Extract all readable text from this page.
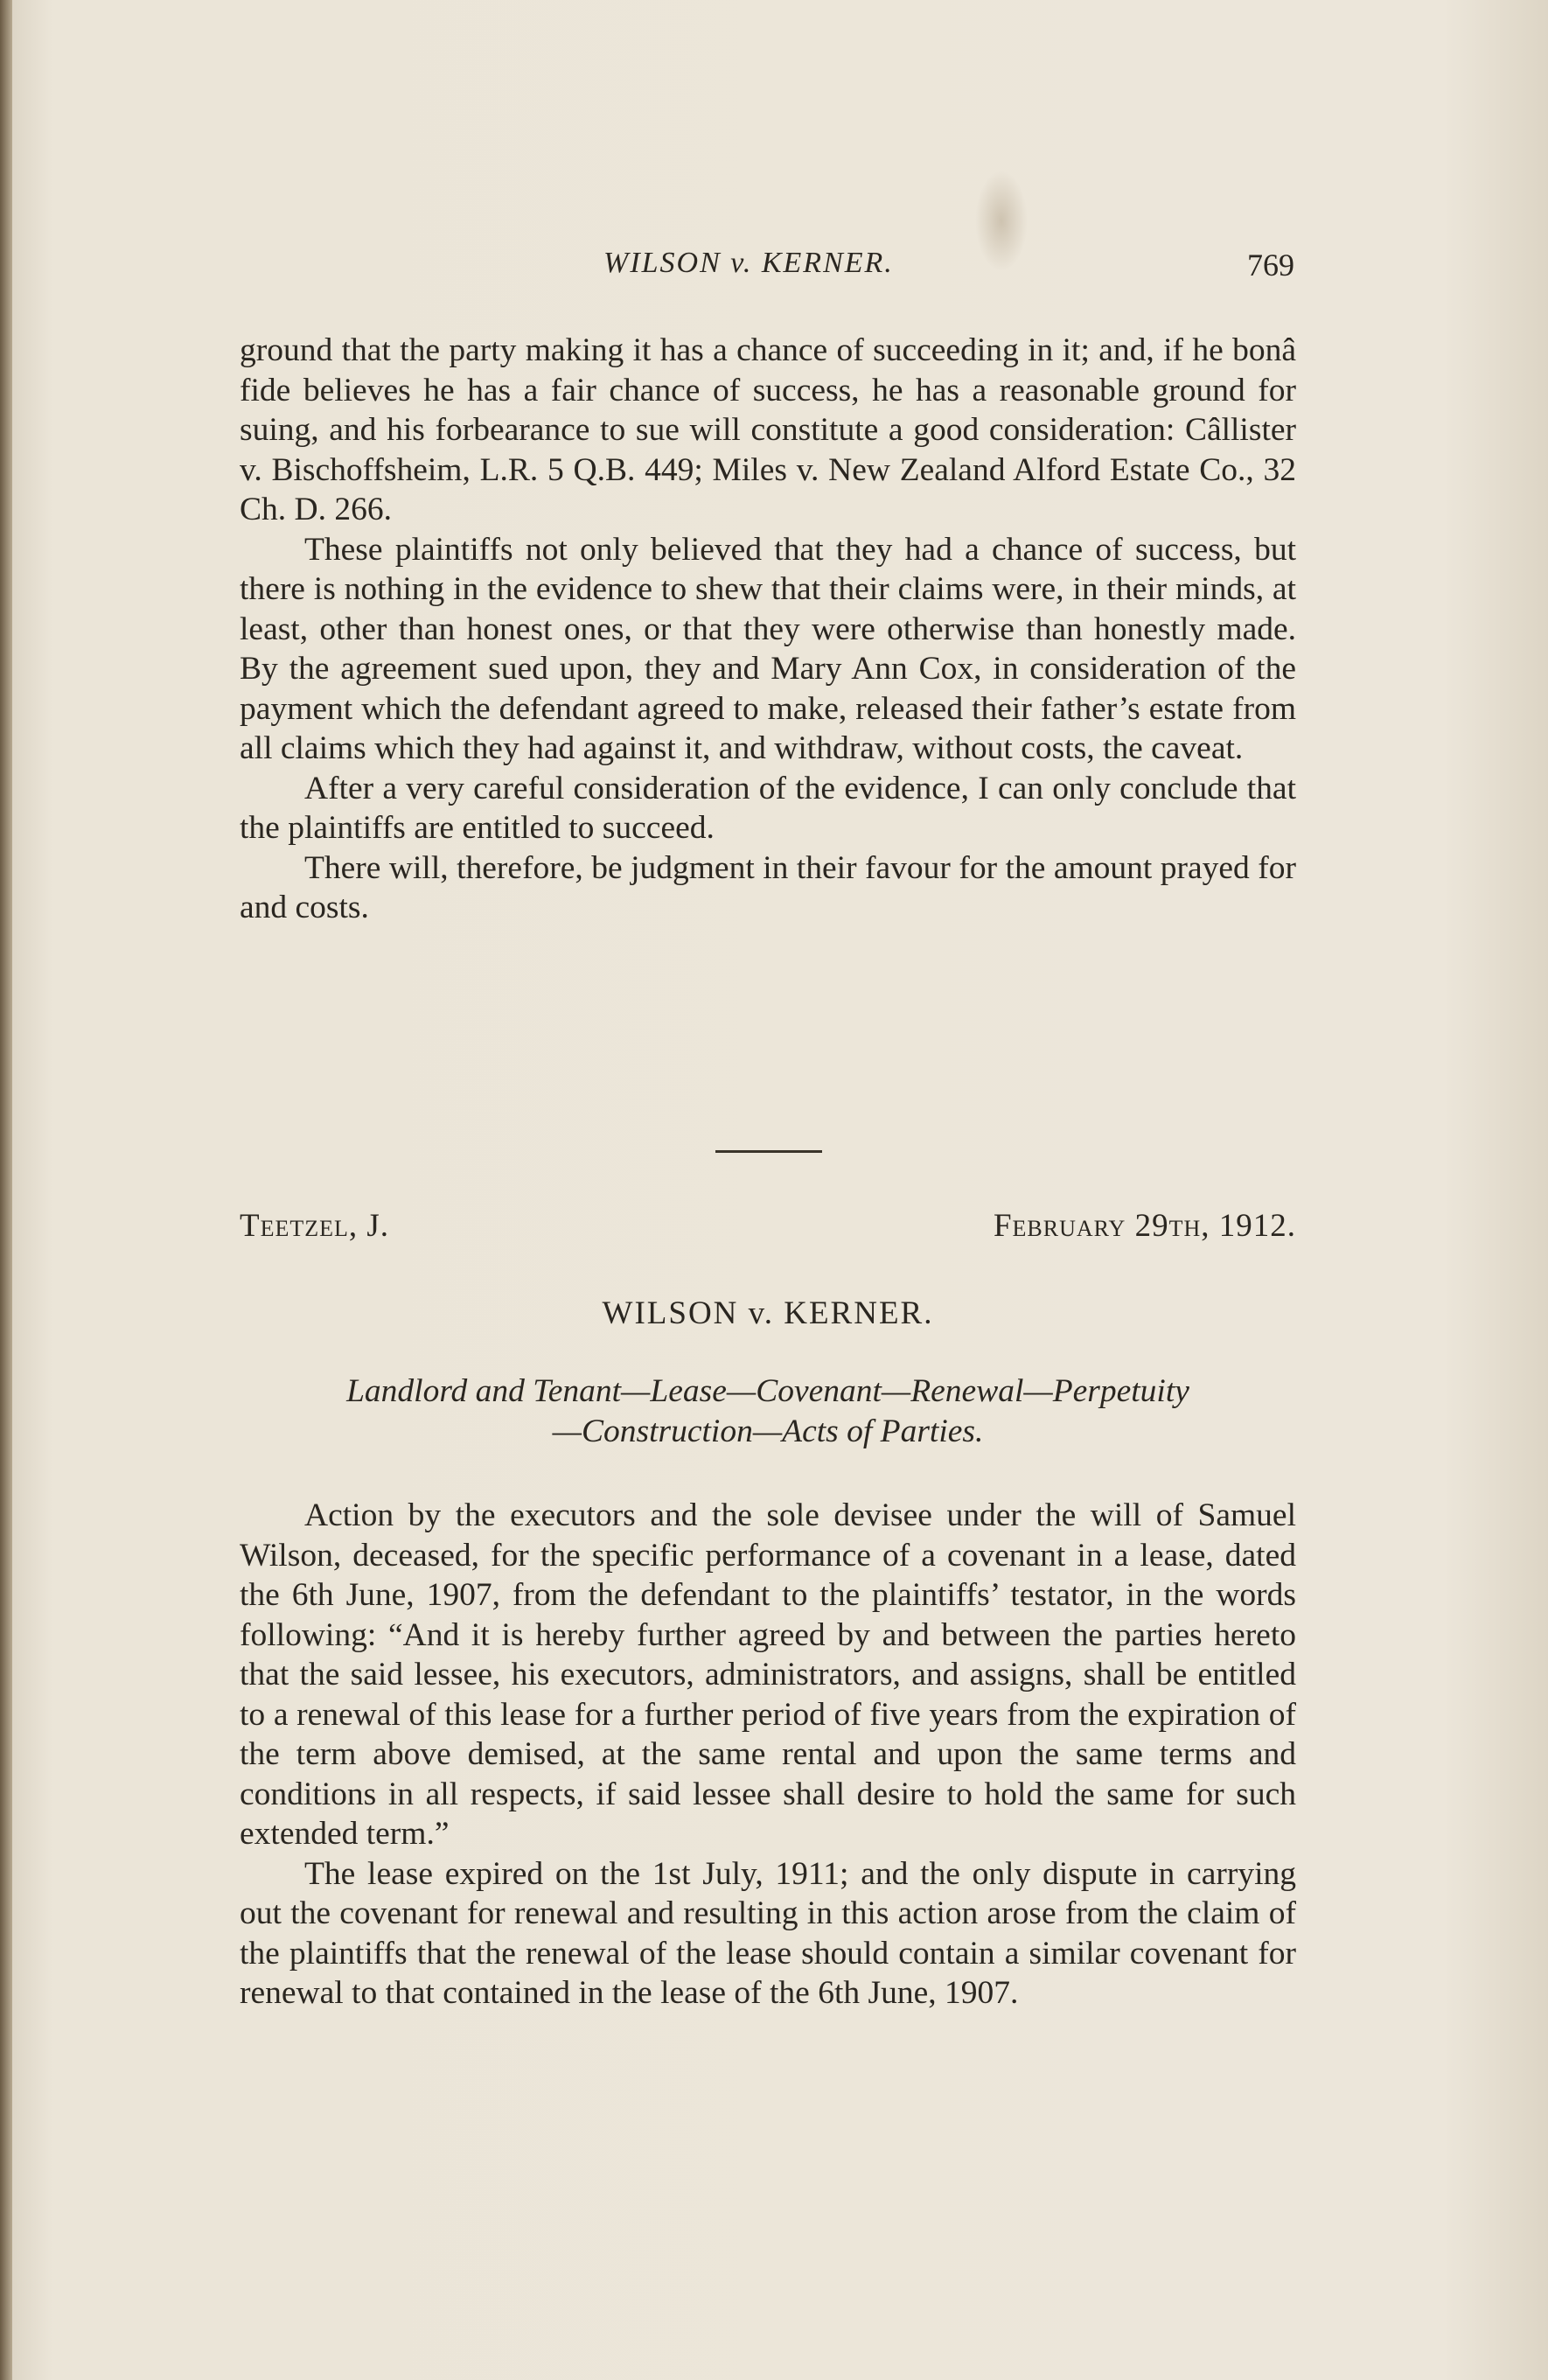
WILSON v. KERNER.	769

ground that the party making it has a chance of succeeding in it; and, if he bonâ fide believes he has a fair chance of success, he has a reasonable ground for suing, and his forbearance to sue will constitute a good consideration: Câllister v. Bischoffsheim, L.R. 5 Q.B. 449; Miles v. New Zealand Alford Estate Co., 32 Ch. D. 266.

These plaintiffs not only believed that they had a chance of success, but there is nothing in the evidence to shew that their claims were, in their minds, at least, other than honest ones, or that they were otherwise than honestly made. By the agreement sued upon, they and Mary Ann Cox, in consideration of the payment which the defendant agreed to make, released their father’s estate from all claims which they had against it, and withdraw, without costs, the caveat.

After a very careful consideration of the evidence, I can only conclude that the plaintiffs are entitled to succeed.

There will, therefore, be judgment in their favour for the amount prayed for and costs.

Teetzel, J.	February 29th, 1912.
WILSON v. KERNER.
Landlord and Tenant—Lease—Covenant—Renewal—Perpetuity
—Construction—Acts of Parties.

Action by the executors and the sole devisee under the will of Samuel Wilson, deceased, for the specific performance of a covenant in a lease, dated the 6th June, 1907, from the defendant to the plaintiffs’ testator, in the words following: “And it is hereby further agreed by and between the parties hereto that the said lessee, his executors, administrators, and assigns, shall be entitled to a renewal of this lease for a further period of five years from the expiration of the term above demised, at the same rental and upon the same terms and conditions in all respects, if said lessee shall desire to hold the same for such extended term.”

The lease expired on the 1st July, 1911; and the only dispute in carrying out the covenant for renewal and resulting in this action arose from the claim of the plaintiffs that the renewal of the lease should contain a similar covenant for renewal to that contained in the lease of the 6th June, 1907.
